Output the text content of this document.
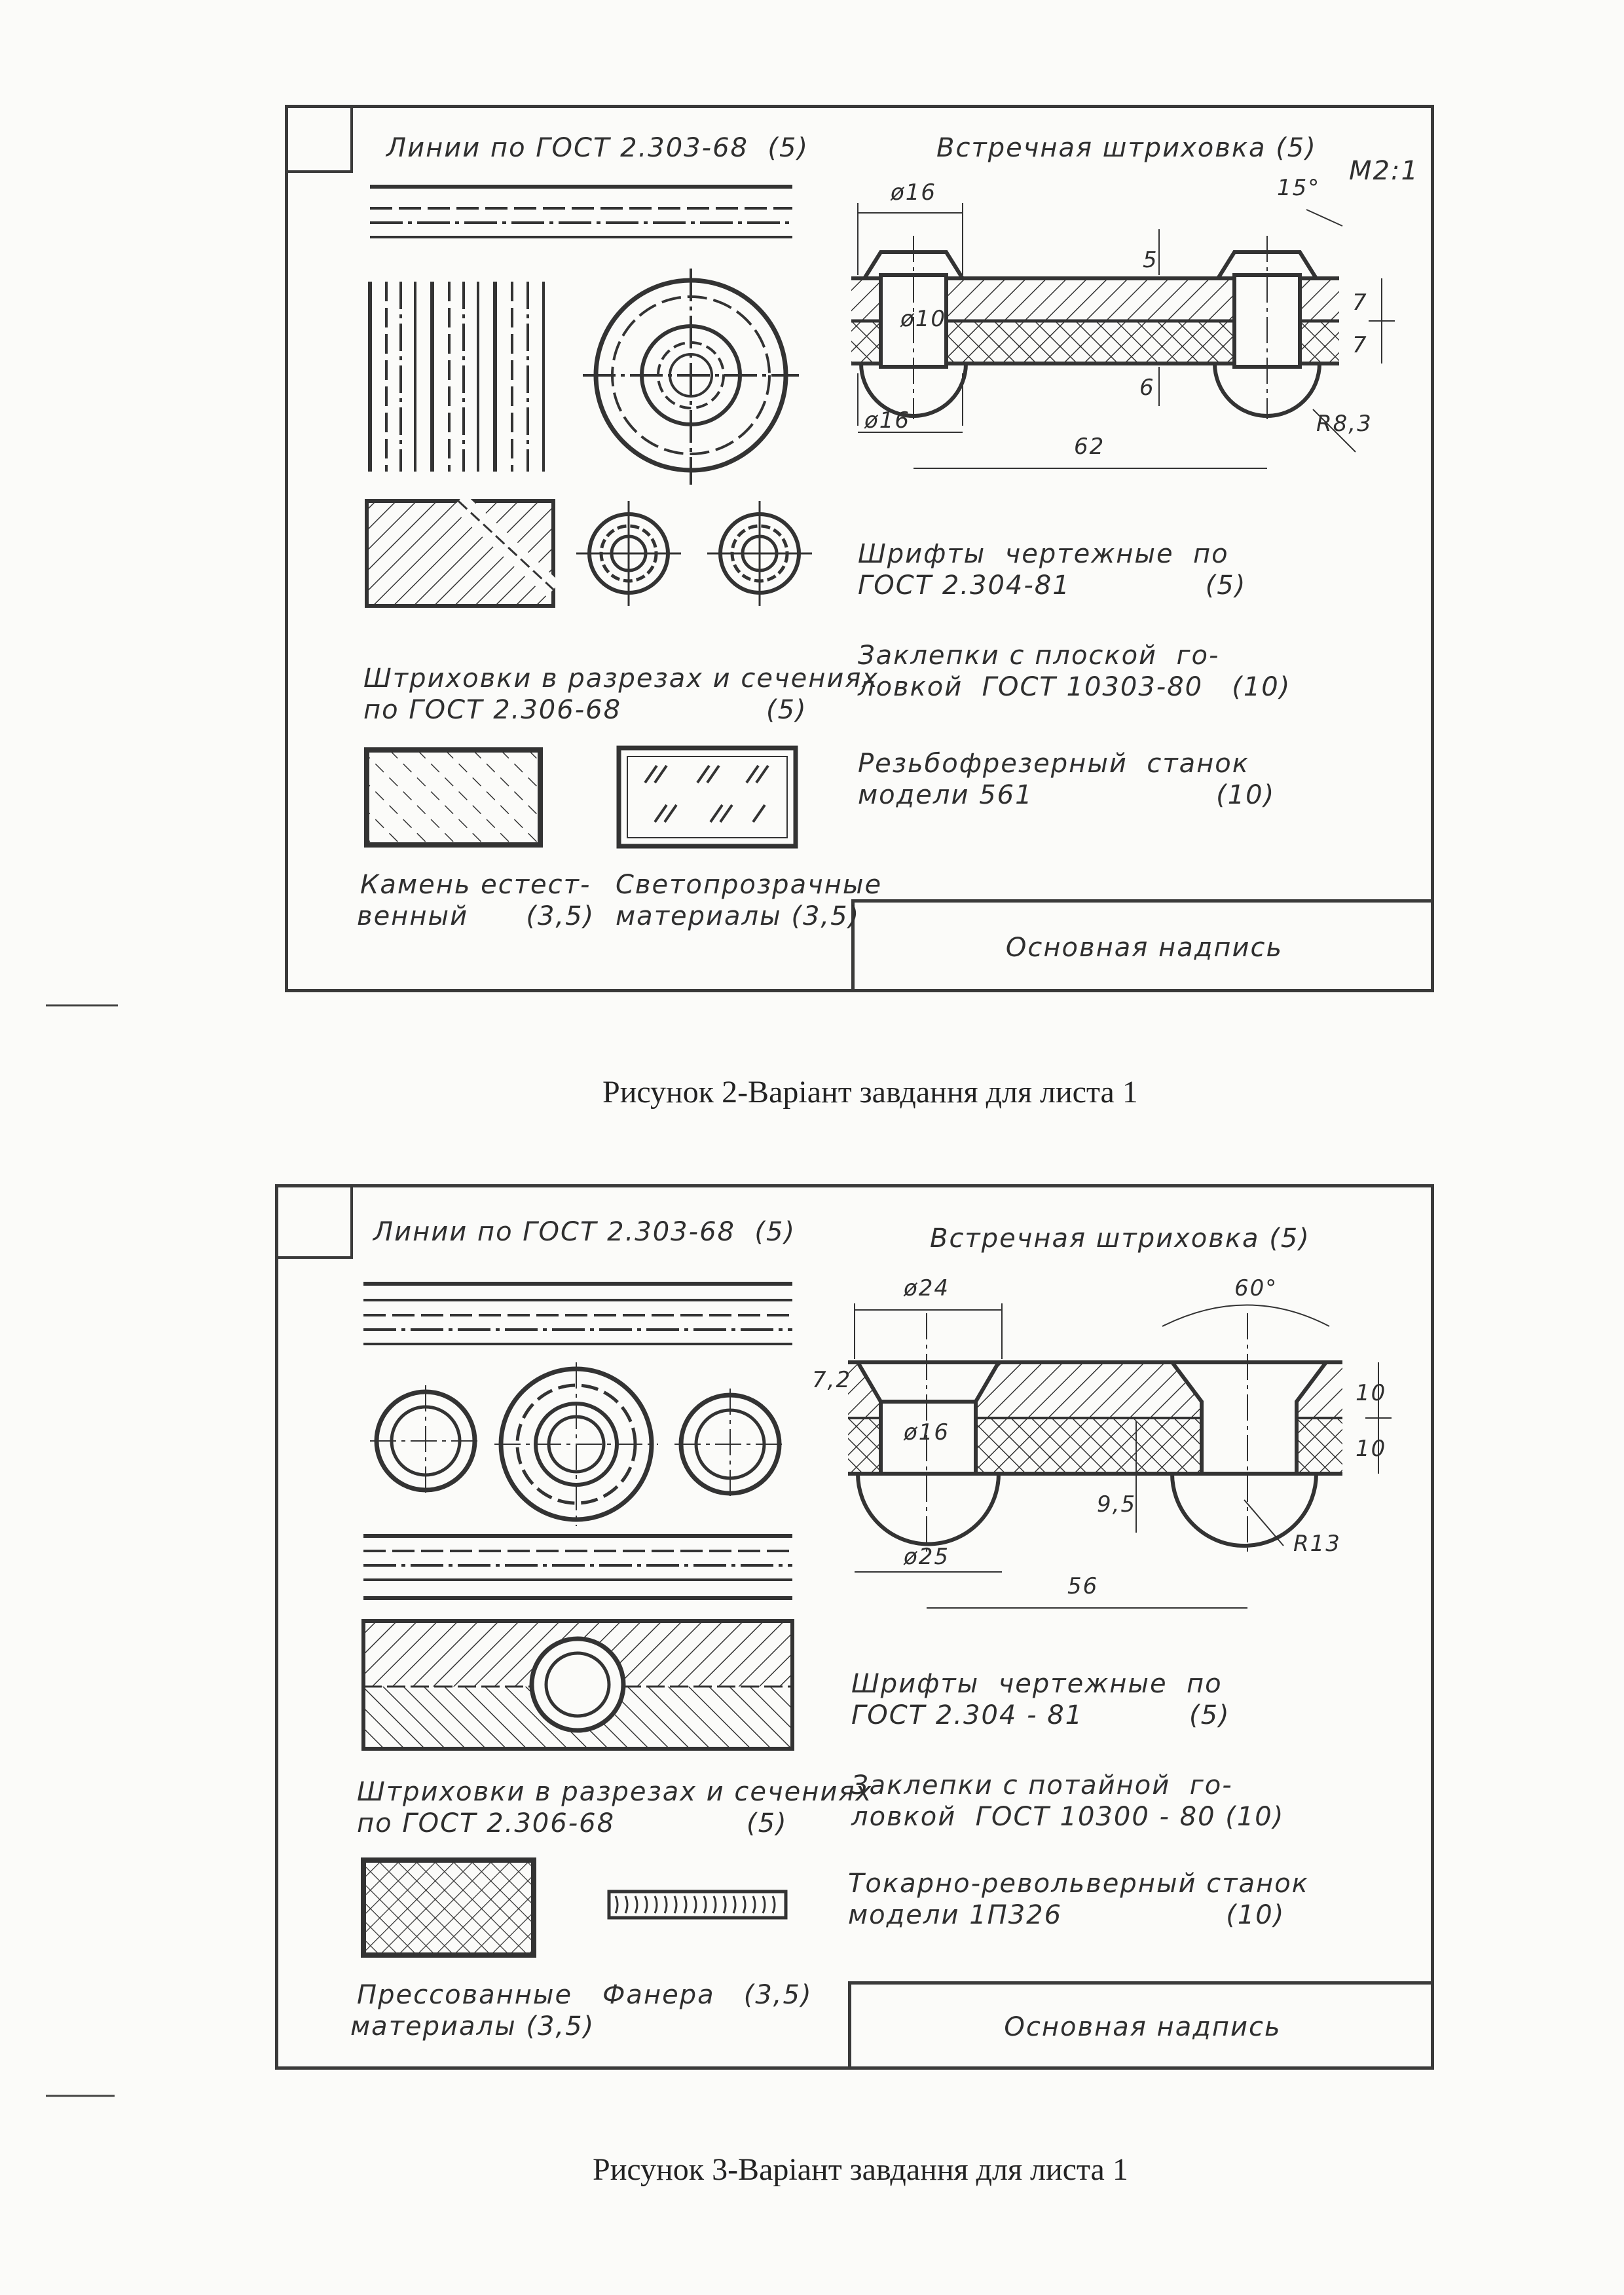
Основная надпись
Линии по ГОСТ 2.303-68  (5)	Встречная штриховка (5)
М2:1
ø16	15°
5
ø10
7
7
6
ø16	R8,3
62
Шрифты  чертежные  по
ГОСТ 2.304-81              (5)
Заклепки с плоской  го-
ловкой  ГОСТ 10303-80   (10)
Резьбофрезерный  станок
модели 561                   (10)
Штриховки в разрезах и сечениях
по ГОСТ 2.306-68	(5)
Камень естест-
венный      (3,5)
Светопрозрачные
материалы (3,5)
Рисунок 2-Варіант завдання для листа 1
Основная надпись
Линии по ГОСТ 2.303-68  (5)	Встречная штриховка (5)
ø24	60°
7,2
ø16
10
10
9,5
R13
ø25
56
Шрифты  чертежные  по
ГОСТ 2.304 - 81           (5)
Заклепки с потайной  го-
ловкой  ГОСТ 10300 - 80 (10)
Токарно-револьверный станок
модели 1П326                 (10)
Штриховки в разрезах и сечениях
по ГОСТ 2.306-68	(5)
Прессованные
материалы (3,5)
Фанера   (3,5)
Рисунок 3-Варіант завдання для листа 1
